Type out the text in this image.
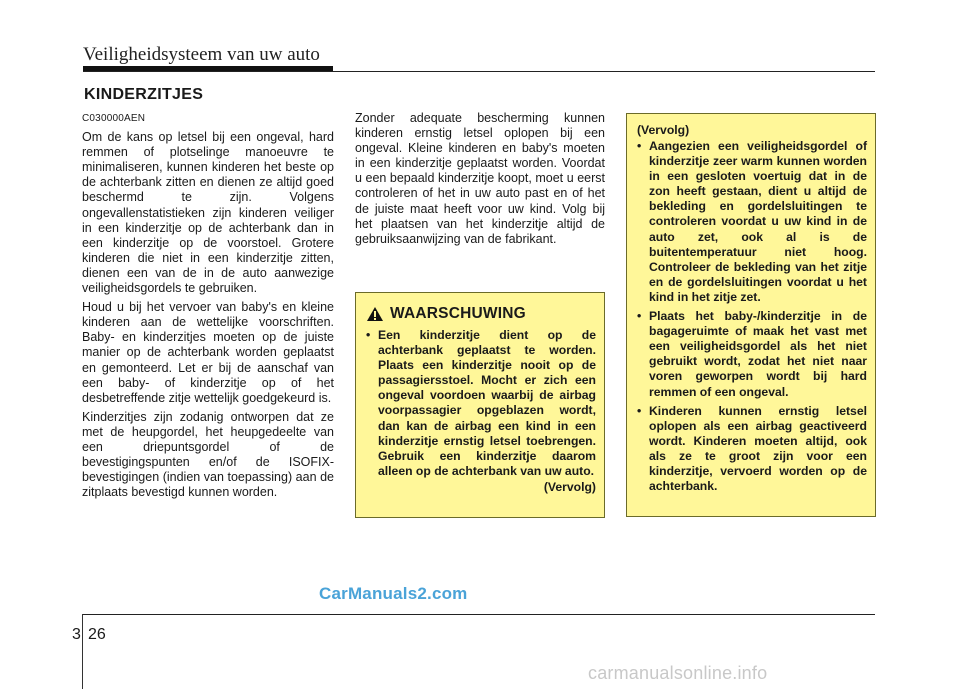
Veiligheidsysteem van uw auto
KINDERZITJES

C030000AEN

Om de kans op letsel bij een ongeval, hard remmen of plotselinge manoeuvre te minimaliseren, kunnen kinderen het beste op de achterbank zitten en dienen ze altijd goed beschermd te zijn. Volgens ongevallenstatistieken zijn kinderen veiliger in een kinderzitje op de achterbank dan in een kinderzitje op de voorstoel. Grotere kinderen die niet in een kinderzitje zitten, dienen een van de in de auto aanwezige veiligheidsgordels te gebruiken.

Houd u bij het vervoer van baby's en kleine kinderen aan de wettelijke voorschriften. Baby- en kinderzitjes moeten op de juiste manier op de achterbank worden geplaatst en gemonteerd. Let er bij de aanschaf van een baby- of kinderzitje op of het desbetreffende zitje wettelijk goedgekeurd is.

Kinderzitjes zijn zodanig ontworpen dat ze met de heupgordel, het heupgedeelte van een driepuntsgordel of de bevestigingspunten en/of de ISOFIX-bevestigingen (indien van toepassing) aan de zitplaats bevestigd kunnen worden.

Zonder adequate bescherming kunnen kinderen ernstig letsel oplopen bij een ongeval. Kleine kinderen en baby's moeten in een kinderzitje geplaatst worden. Voordat u een bepaald kinderzitje koopt, moet u eerst controleren of het in uw auto past en of het de juiste maat heeft voor uw kind. Volg bij het plaatsen van het kinderzitje altijd de gebruiksaanwijzing van de fabrikant.

WAARSCHUWING
• Een kinderzitje dient op de achterbank geplaatst te worden. Plaats een kinderzitje nooit op de passagiersstoel. Mocht er zich een ongeval voordoen waarbij de airbag voorpassagier opgeblazen wordt, dan kan de airbag een kind in een kinderzitje ernstig letsel toebrengen. Gebruik een kinderzitje daarom alleen op de achterbank van uw auto.
(Vervolg)
(Vervolg)
• Aangezien een veiligheidsgordel of kinderzitje zeer warm kunnen worden in een gesloten voertuig dat in de zon heeft gestaan, dient u altijd de bekleding en gordelsluitingen te controleren voordat u uw kind in de auto zet, ook al is de buitentemperatuur niet hoog. Controleer de bekleding van het zitje en de gordelsluitingen voordat u het kind in het zitje zet.
• Plaats het baby-/kinderzitje in de bagageruimte of maak het vast met een veiligheidsgordel als het niet gebruikt wordt, zodat het niet naar voren geworpen wordt bij hard remmen of een ongeval.
• Kinderen kunnen ernstig letsel oplopen als een airbag geactiveerd wordt. Kinderen moeten altijd, ook als ze te groot zijn voor een kinderzitje, vervoerd worden op de achterbank.
CarManuals2.com
3 26
carmanualsonline.info
